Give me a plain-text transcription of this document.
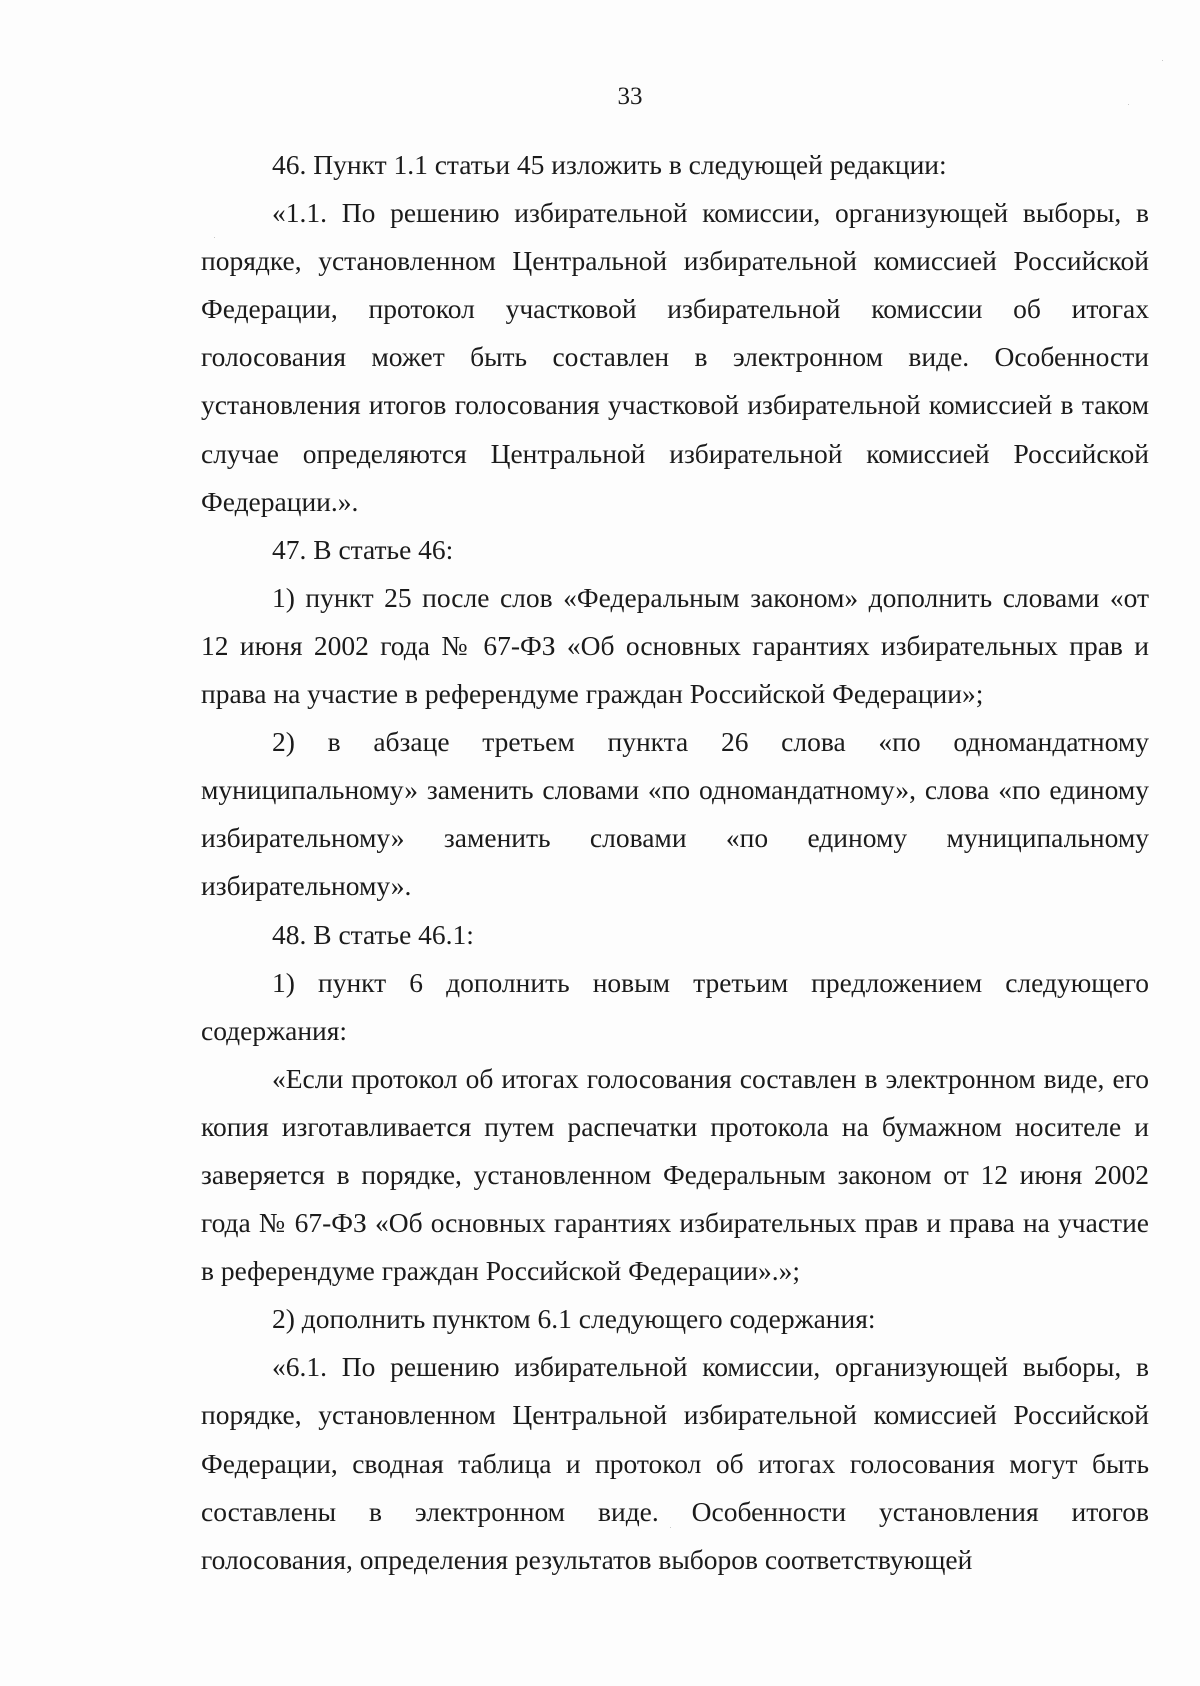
33

46. Пункт 1.1 статьи 45 изложить в следующей редакции:

«1.1. По решению избирательной комиссии, организующей выборы, в порядке, установленном Центральной избирательной комиссией Российской Федерации, протокол участковой избирательной комиссии об итогах голосования может быть составлен в электронном виде. Особенности установления итогов голосования участковой избирательной комиссией в таком случае определяются Центральной избирательной комиссией Российской Федерации.».

47. В статье 46:

1) пункт 25 после слов «Федеральным законом» дополнить словами «от 12 июня 2002 года № 67-ФЗ «Об основных гарантиях избирательных прав и права на участие в референдуме граждан Российской Федерации»;

2) в абзаце третьем пункта 26 слова «по одномандатному муниципальному» заменить словами «по одномандатному», слова «по единому избирательному» заменить словами «по единому муниципальному избирательному».

48. В статье 46.1:

1) пункт 6 дополнить новым третьим предложением следующего содержания:

«Если протокол об итогах голосования составлен в электронном виде, его копия изготавливается путем распечатки протокола на бумажном носителе и заверяется в порядке, установленном Федеральным законом от 12 июня 2002 года № 67-ФЗ «Об основных гарантиях избирательных прав и права на участие в референдуме граждан Российской Федерации».»;

2) дополнить пунктом 6.1 следующего содержания:

«6.1. По решению избирательной комиссии, организующей выборы, в порядке, установленном Центральной избирательной комиссией Российской Федерации, сводная таблица и протокол об итогах голосования могут быть составлены в электронном виде. Особенности установления итогов голосования, определения результатов выборов соответствующей
